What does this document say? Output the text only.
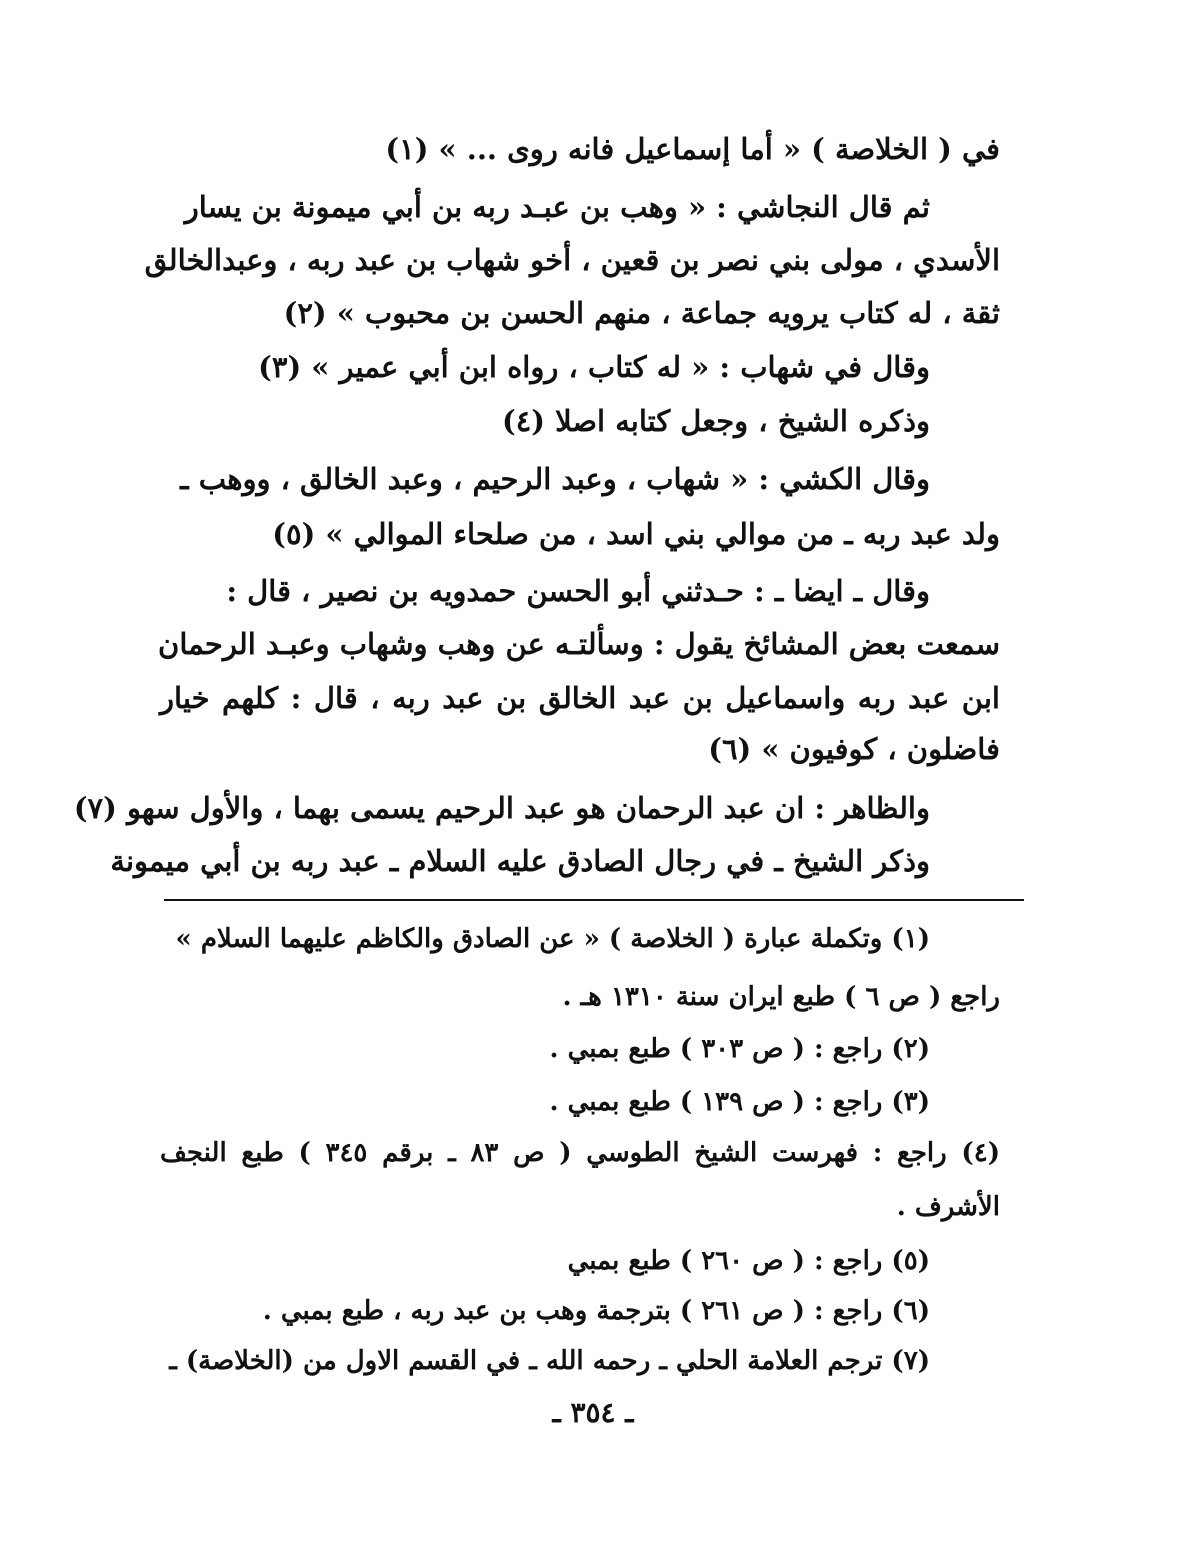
في ( الخلاصة ) « أما إسماعيل فانه روى ... » (١)
ثم قال النجاشي : « وهب بن عبـد ربه بن أبي ميمونة بن يسار
الأسدي ، مولى بني نصر بن قعين ، أخو شهاب بن عبد ربه ، وعبدالخالق
ثقة ، له كتاب يرويه جماعة ، منهم الحسن بن محبوب » (٢)
وقال في شهاب : « له كتاب ، رواه ابن أبي عمير » (٣)
وذكره الشيخ ، وجعل كتابه اصلا (٤)
وقال الكشي : « شهاب ، وعبد الرحيم ، وعبد الخالق ، ووهب ـ
ولد عبد ربه ـ من موالي بني اسد ، من صلحاء الموالي » (٥)
وقال ـ ايضا ـ : حـدثني أبو الحسن حمدويه بن نصير ، قال :
سمعت بعض المشائخ يقول : وسألتـه عن وهب وشهاب وعبـد الرحمان
ابن عبد ربه واسماعيل بن عبد الخالق بن عبد ربه ، قال : كلهم خيار
فاضلون ، كوفيون » (٦)
والظاهر : ان عبد الرحمان هو عبد الرحيم يسمى بهما ، والأول سهو (٧)
وذكر الشيخ ـ في رجال الصادق عليه السلام ـ عبد ربه بن أبي ميمونة
(١) وتكملة عبارة ( الخلاصة ) « عن الصادق والكاظم عليهما السلام »
راجع ( ص ٦ ) طبع ايران سنة ١٣١٠ هـ .
(٢) راجع : ( ص ٣٠٣ ) طبع بمبي .
(٣) راجع : ( ص ١٣٩ ) طبع بمبي .
(٤) راجع : فهرست الشيخ الطوسي ( ص ٨٣ ـ برقم ٣٤٥ ) طبع النجف
الأشرف .
(٥) راجع : ( ص ٢٦٠ ) طبع بمبي
(٦) راجع : ( ص ٢٦١ ) بترجمة وهب بن عبد ربه ، طبع بمبي .
(٧) ترجم العلامة الحلي ـ رحمه الله ـ في القسم الاول من (الخلاصة) ـ
ـ ٣٥٤ ـ
